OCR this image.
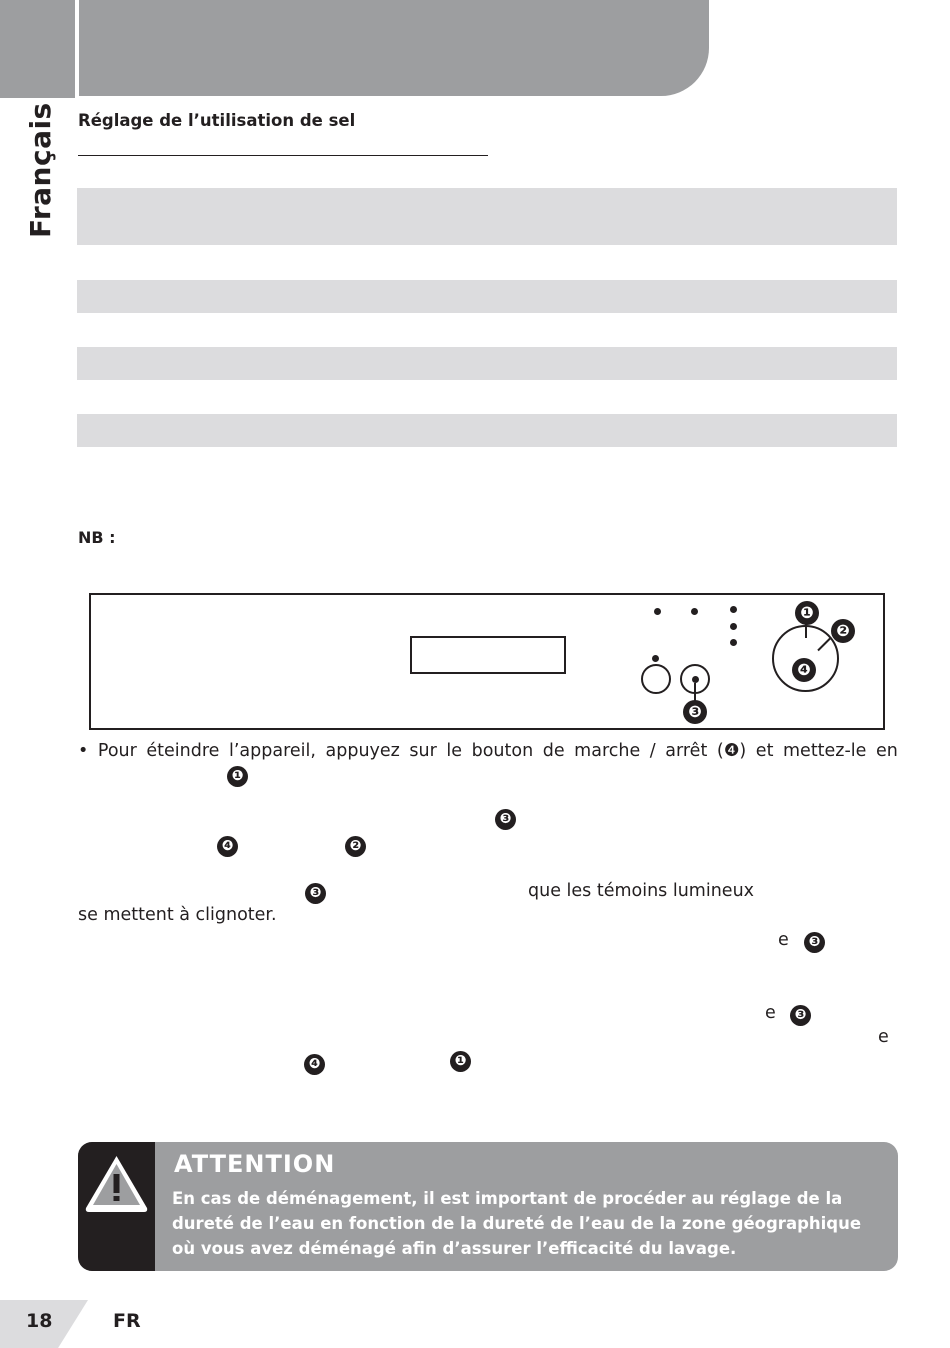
Français Réglage de l’utilisation de sel
NB :
❶
❷
❸
❹
• Pour éteindre l’appareil, appuyez sur le bouton de marche / arrêt (❹) et mettez-le en
❶
❸
❹	❷
❸	que les témoins lumineux
se mettent à clignoter.
e	❸
e	❸
e
❹	❶
ATTENTION
En cas de déménagement, il est important de procéder au réglage de la dureté de l’eau en fonction de la dureté de l’eau de la zone géographique où vous avez déménagé afin d’assurer l’efficacité du lavage.
18	FR
